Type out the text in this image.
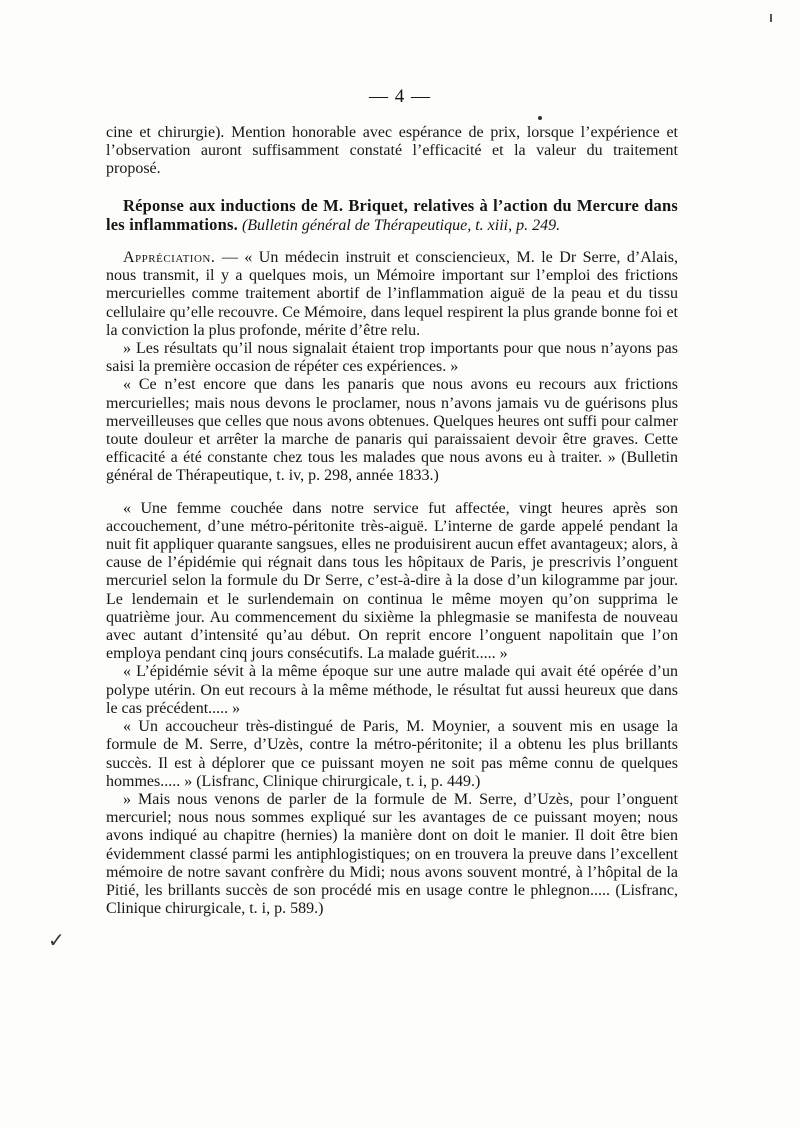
— 4 —

cine et chirurgie). Mention honorable avec espérance de prix, lorsque l’expérience et l’observation auront suffisamment constaté l’efficacité et la valeur du traitement proposé.

Réponse aux inductions de M. Briquet, relatives à l’action du Mercure dans les inflammations. (Bulletin général de Thérapeutique, t. xiii, p. 249.

Appréciation. — « Un médecin instruit et consciencieux, M. le Dr Serre, d’Alais, nous transmit, il y a quelques mois, un Mémoire important sur l’emploi des frictions mercurielles comme traitement abortif de l’inflammation aiguë de la peau et du tissu cellulaire qu’elle recouvre. Ce Mémoire, dans lequel respirent la plus grande bonne foi et la conviction la plus profonde, mérite d’être relu.

» Les résultats qu’il nous signalait étaient trop importants pour que nous n’ayons pas saisi la première occasion de répéter ces expériences. »

« Ce n’est encore que dans les panaris que nous avons eu recours aux frictions mercurielles; mais nous devons le proclamer, nous n’avons jamais vu de guérisons plus merveilleuses que celles que nous avons obtenues. Quelques heures ont suffi pour calmer toute douleur et arrêter la marche de panaris qui paraissaient devoir être graves. Cette efficacité a été constante chez tous les malades que nous avons eu à traiter. » (Bulletin général de Thérapeutique, t. iv, p. 298, année 1833.)

« Une femme couchée dans notre service fut affectée, vingt heures après son accouchement, d’une métro-péritonite très-aiguë. L’interne de garde appelé pendant la nuit fit appliquer quarante sangsues, elles ne produisirent aucun effet avantageux; alors, à cause de l’épidémie qui régnait dans tous les hôpitaux de Paris, je prescrivis l’onguent mercuriel selon la formule du Dr Serre, c’est-à-dire à la dose d’un kilogramme par jour. Le lendemain et le surlendemain on continua le même moyen qu’on supprima le quatrième jour. Au commencement du sixième la phlegmasie se manifesta de nouveau avec autant d’intensité qu’au début. On reprit encore l’onguent napolitain que l’on employa pendant cinq jours consécutifs. La malade guérit..... »

« L’épidémie sévit à la même époque sur une autre malade qui avait été opérée d’un polype utérin. On eut recours à la même méthode, le résultat fut aussi heureux que dans le cas précédent..... »

« Un accoucheur très-distingué de Paris, M. Moynier, a souvent mis en usage la formule de M. Serre, d’Uzès, contre la métro-péritonite; il a obtenu les plus brillants succès. Il est à déplorer que ce puissant moyen ne soit pas même connu de quelques hommes..... » (Lisfranc, Clinique chirurgicale, t. i, p. 449.)

» Mais nous venons de parler de la formule de M. Serre, d’Uzès, pour l’onguent mercuriel; nous nous sommes expliqué sur les avantages de ce puissant moyen; nous avons indiqué au chapitre (hernies) la manière dont on doit le manier. Il doit être bien évidemment classé parmi les antiphlogistiques; on en trouvera la preuve dans l’excellent mémoire de notre savant confrère du Midi; nous avons souvent montré, à l’hôpital de la Pitié, les brillants succès de son procédé mis en usage contre le phlegnon..... (Lisfranc, Clinique chirurgicale, t. i, p. 589.)

✓
